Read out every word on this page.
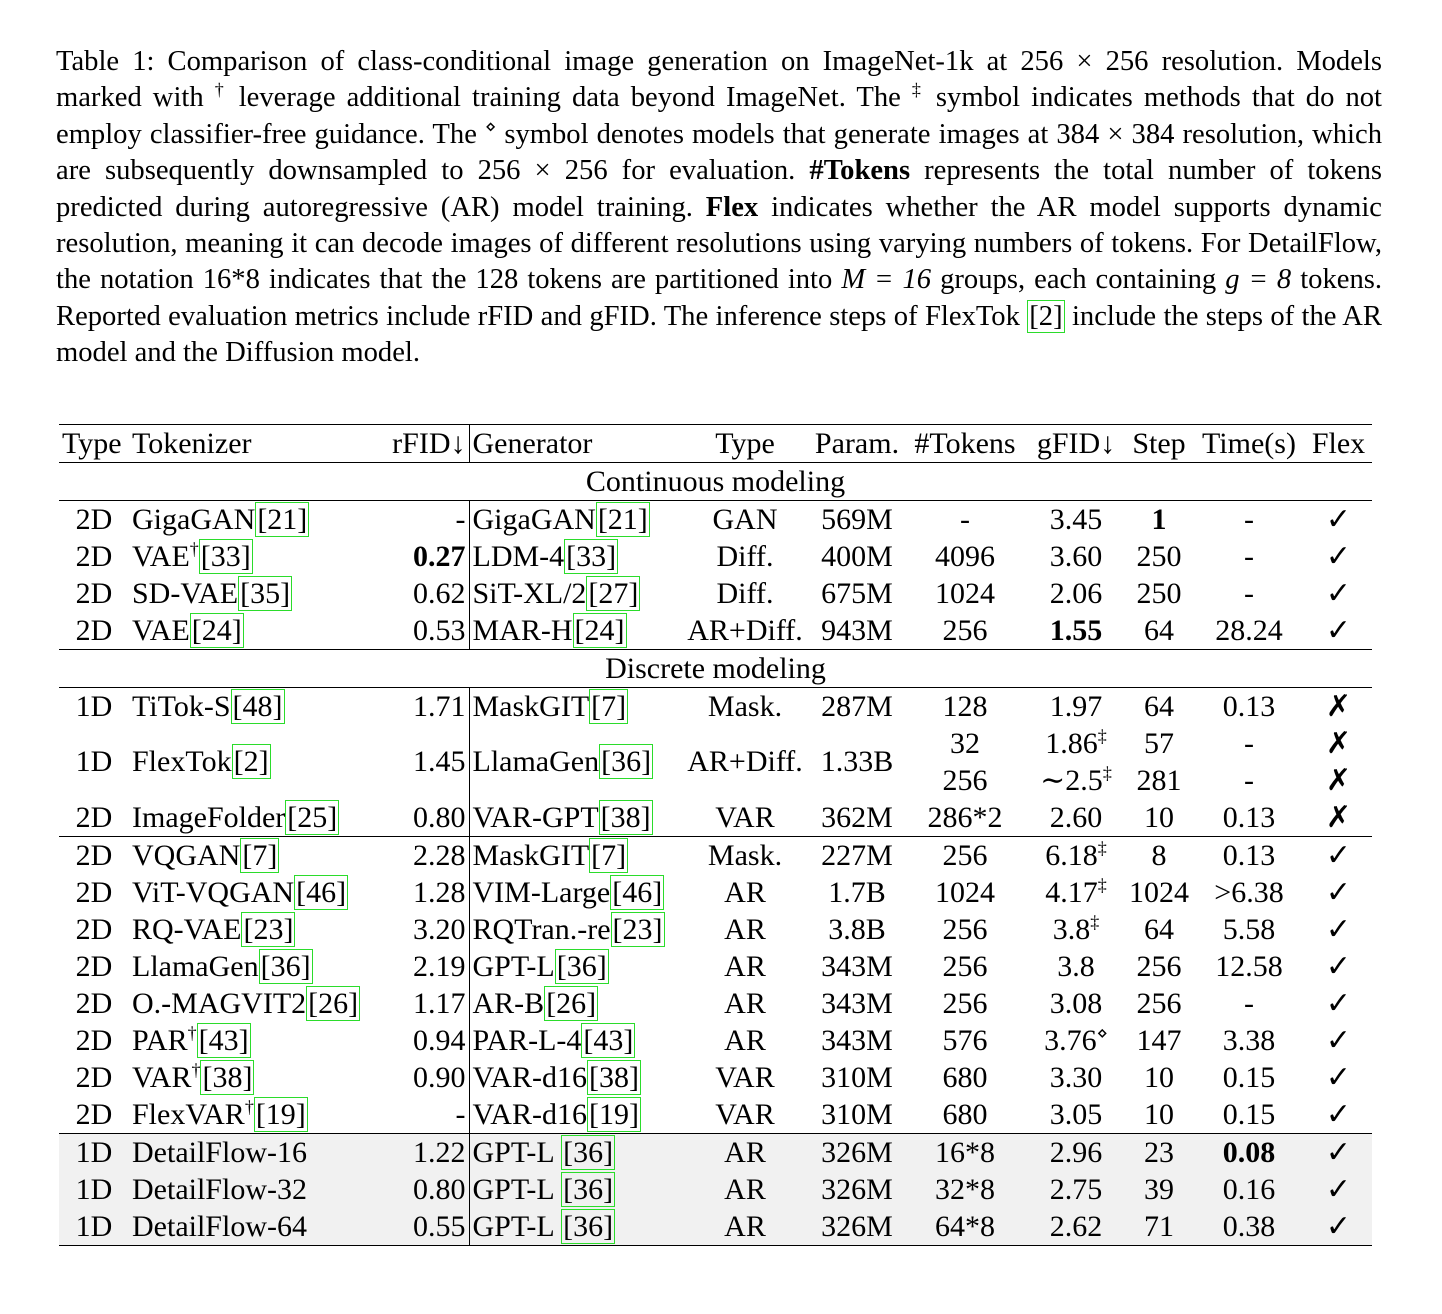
Table 1: Comparison of class-conditional image generation on ImageNet-1k at 256 × 256 resolution. Models marked with † leverage additional training data beyond ImageNet. The ‡ symbol indicates methods that do not employ classifier-free guidance. The ⋄ symbol denotes models that generate images at 384 × 384 resolution, which are subsequently downsampled to 256 × 256 for evaluation. #Tokens represents the total number of tokens predicted during autoregressive (AR) model training. Flex indicates whether the AR model supports dynamic resolution, meaning it can decode images of different resolutions using varying numbers of tokens. For DetailFlow, the notation 16*8 indicates that the 128 tokens are partitioned into M = 16 groups, each containing g = 8 tokens. Reported evaluation metrics include rFID and gFID. The inference steps of FlexTok [2] include the steps of the AR model and the Diffusion model.

Type	Tokenizer	rFID↓	Generator	Type	Param.	#Tokens	gFID↓	Step	Time(s)	Flex
Continuous modeling										
2D	GigaGAN[21]	-	GigaGAN[21]	GAN	569M	-	3.45	1	-	✓
2D	VAE†[33]	0.27	LDM-4[33]	Diff.	400M	4096	3.60	250	-	✓
2D	SD-VAE[35]	0.62	SiT-XL/2[27]	Diff.	675M	1024	2.06	250	-	✓
2D	VAE[24]	0.53	MAR-H[24]	AR+Diff.	943M	256	1.55	64	28.24	✓
Discrete modeling										
1D	TiTok-S[48]	1.71	MaskGIT[7]	Mask.	287M	128	1.97	64	0.13	✗
1D	FlexTok[2]	1.45	LlamaGen[36]	AR+Diff.	1.33B	32	1.86‡	57	-	✗
						256	∼2.5‡	281	-	✗
2D	ImageFolder[25]	0.80	VAR-GPT[38]	VAR	362M	286*2	2.60	10	0.13	✗
2D	VQGAN[7]	2.28	MaskGIT[7]	Mask.	227M	256	6.18‡	8	0.13	✓
2D	ViT-VQGAN[46]	1.28	VIM-Large[46]	AR	1.7B	1024	4.17‡	1024	>6.38	✓
2D	RQ-VAE[23]	3.20	RQTran.-re[23]	AR	3.8B	256	3.8‡	64	5.58	✓
2D	LlamaGen[36]	2.19	GPT-L[36]	AR	343M	256	3.8	256	12.58	✓
2D	O.-MAGVIT2[26]	1.17	AR-B[26]	AR	343M	256	3.08	256	-	✓
2D	PAR†[43]	0.94	PAR-L-4[43]	AR	343M	576	3.76⋄	147	3.38	✓
2D	VAR†[38]	0.90	VAR-d16[38]	VAR	310M	680	3.30	10	0.15	✓
2D	FlexVAR†[19]	-	VAR-d16[19]	VAR	310M	680	3.05	10	0.15	✓
1D	DetailFlow-16	1.22	GPT-L [36]	AR	326M	16*8	2.96	23	0.08	✓
1D	DetailFlow-32	0.80	GPT-L [36]	AR	326M	32*8	2.75	39	0.16	✓
1D	DetailFlow-64	0.55	GPT-L [36]	AR	326M	64*8	2.62	71	0.38	✓
